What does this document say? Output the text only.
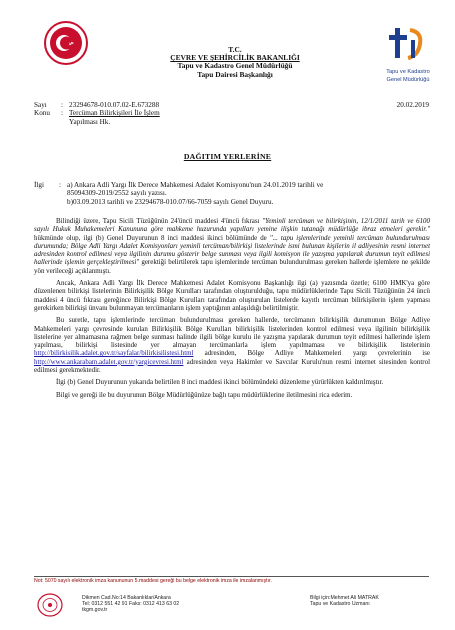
Tapu ve Kadastro
Genel Müdürlüğü
T.C.
ÇEVRE VE ŞEHİRCİLİK BAKANLIĞI
Tapu ve Kadastro Genel Müdürlüğü
Tapu Dairesi Başkanlığı
Sayı	: 23294678-010.07.02-E.673288	20.02.2019
Konu	: Tercüman Bilirkişileri İle İşlem
Yapılması Hk.
DAĞITIM YERLERİNE
İlgi	: a) Ankara Adli Yargı İlk Derece Mahkemesi Adalet Komisyonu'nun 24.01.2019 tarihli ve
85094309-2019/2552 sayılı yazısı.
b)03.09.2013 tarihli ve 23294678-010.07/66-7059 sayılı Genel Duyuru.

Bilindiği üzere, Tapu Sicili Tüzüğünün 24'üncü maddesi 4'üncü fıkrası "Yeminli tercüman ve bilirkişinin, 12/1/2011 tarih ve 6100 sayılı Hukuk Muhakemeleri Kanununa göre mahkeme huzurunda yapılları yemine ilişkin tutanağı müdürlüğe ibraz etmeleri gerekir." hükmünde olup, ilgi (b) Genel Duyurunun 8 inci maddesi ikinci bölümünde de "... tapu işlemlerinde yeminli tercüman bulundurulması durumunda; Bölge Adli Yargı Adalet Komisyonları yeminli tercüman/bilirkişi listelerinde ismi bulunan kişilerin il adliyesinin resmi internet adresinden kontrol edilmesi veya ilgilinin durumu gösterir belge sunması veya ilgili komisyon ile yazışma yapılarak durumun teyit edilmesi hallerinde işlemin gerçekleştirilmesi" gerektiği belirtilerek tapu işlemlerinde tercüman bulundurulması gereken hallerde işlemlere ne şekilde yön verileceği açıklanmıştı.

Ancak, Ankara Adli Yargı İlk Derece Mahkemesi Adalet Komisyonu Başkanlığı ilgi (a) yazısında özetle; 6100 HMK'ya göre düzenlenen bilirkişi listelerinin Bilirkişilik Bölge Kurulları tarafından oluşturulduğu, tapu müdürlüklerinde Tapu Sicili Tüzüğünün 24 üncü maddesi 4 üncü fıkrası gereğince Bilirkişi Bölge Kurulları tarafından oluşturulan listelerde kayıtlı tercüman bilirkişilerin işlem yapması gerekirken bilirkişi ünvanı bulunmayan tercümanların işlem yaptığının anlaşıldığı belirtilmiştir.

Bu suretle, tapu işlemlerinde tercüman bulundurulması gereken hallerde, tercümanın bilirkişilik durumunun Bölge Adliye Mahkemeleri yargı çevresinde kurulan Bilirkişilik Bölge Kurulları bilirkişilik listelerinden kontrol edilmesi veya ilgilinin bilirkişilik listelerine yer almamasına rağmen belge sunması halinde ilgili bölge kurulu ile yazışma yapılarak durumun teyit edilmesi hallerinde işlem yapılması, bilirkişi listesinde yer almayan tercümanlarla işlem yapılmaması ve bilirkişilik listelerinin http://bilirkisilik.adalet.gov.tr/sayfalar/bilirkisilistesi.html adresinden, Bölge Adliye Mahkemeleri yargı çevrelerinin ise http://www.ankarabam.adalet.gov.tr/yargicevresi.html adresinden veya Hakimler ve Savcılar Kurulu'nun resmi internet sitesinden kontrol edilmesi gerekmektedir.

İlgi (b) Genel Duyurunun yukarıda belirtilen 8 inci maddesi ikinci bölümündeki düzenleme yürürlükten kaldırılmıştır.

Bilgi ve gereği ile bu duyurunun Bölge Müdürlüğünüze bağlı tapu müdürlüklerine iletilmesini rica ederim.

Not: 5070 sayılı elektronik imza kanununun 5.maddesi gereği bu belge elektronik imza ile imzalanmıştır.
Dikmen Cad.No:14 Bakanlıklar/Ankara
Tel: 0312 551 42 91 Faks: 0312 413 63 02
tkgm.gov.tr
Bilgi için:Mehmet Ali MATRAK
Tapu ve Kadastro Uzmanı
